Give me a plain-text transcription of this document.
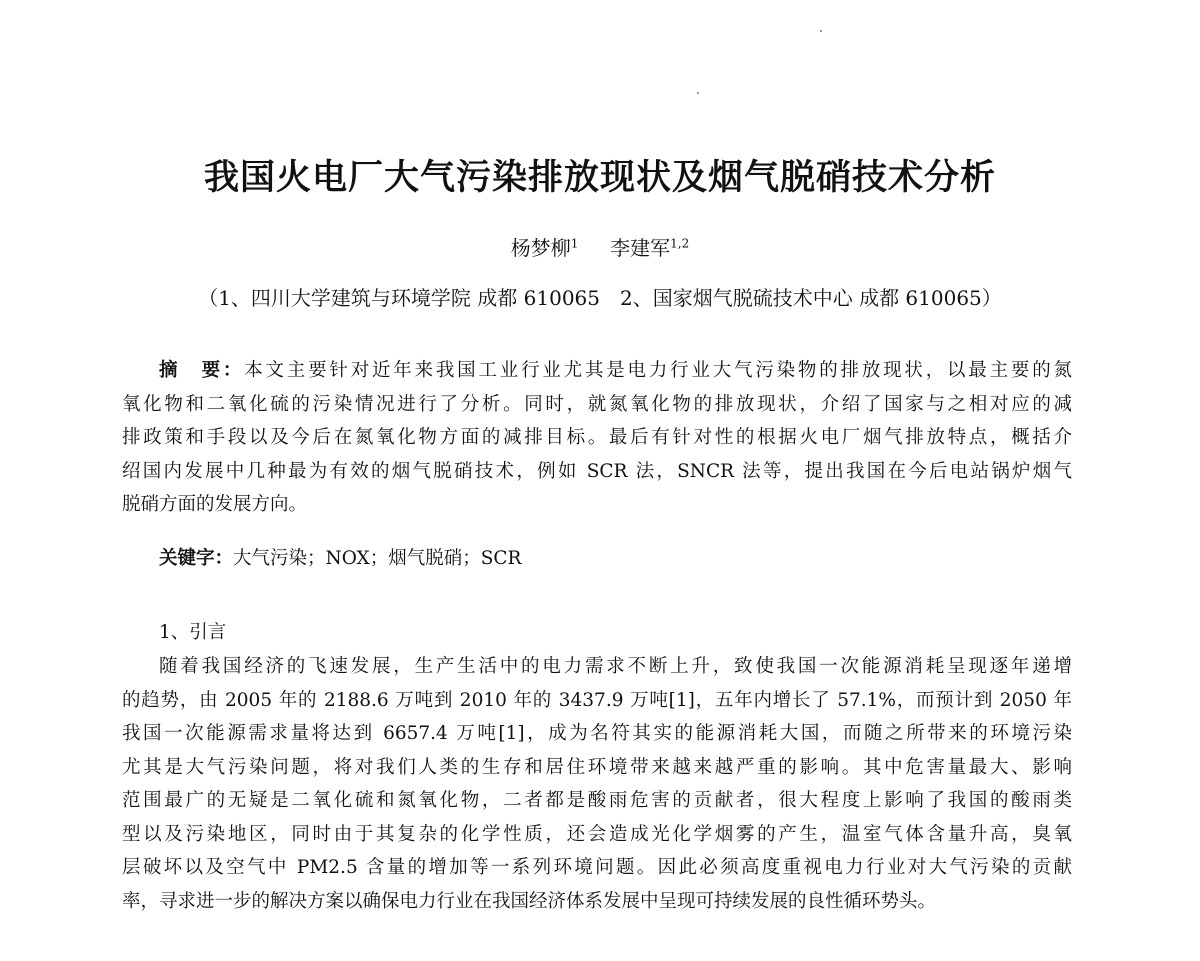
我国火电厂大气污染排放现状及烟气脱硝技术分析
杨梦柳$^1$ 李建军$^{1,2}$
（1、四川大学建筑与环境学院 成都 610065　2、国家烟气脱硫技术中心 成都 610065）
摘　要：本文主要针对近年来我国工业行业尤其是电力行业大气污染物的排放现状，以最主要的氮
氧化物和二氧化硫的污染情况进行了分析。同时，就氮氧化物的排放现状，介绍了国家与之相对应的减
排政策和手段以及今后在氮氧化物方面的减排目标。最后有针对性的根据火电厂烟气排放特点，概括介
绍国内发展中几种最为有效的烟气脱硝技术，例如 SCR 法，SNCR 法等，提出我国在今后电站锅炉烟气
脱硝方面的发展方向。
关键字：大气污染；NOX；烟气脱硝；SCR
1、引言
随着我国经济的飞速发展，生产生活中的电力需求不断上升，致使我国一次能源消耗呈现逐年递增
的趋势，由 2005 年的 2188.6 万吨到 2010 年的 3437.9 万吨[1]，五年内增长了 57.1%，而预计到 2050 年
我国一次能源需求量将达到 6657.4 万吨[1]，成为名符其实的能源消耗大国，而随之所带来的环境污染
尤其是大气污染问题，将对我们人类的生存和居住环境带来越来越严重的影响。其中危害量最大、影响
范围最广的无疑是二氧化硫和氮氧化物，二者都是酸雨危害的贡献者，很大程度上影响了我国的酸雨类
型以及污染地区，同时由于其复杂的化学性质，还会造成光化学烟雾的产生，温室气体含量升高，臭氧
层破坏以及空气中 PM2.5 含量的增加等一系列环境问题。因此必须高度重视电力行业对大气污染的贡献
率，寻求进一步的解决方案以确保电力行业在我国经济体系发展中呈现可持续发展的良性循环势头。
